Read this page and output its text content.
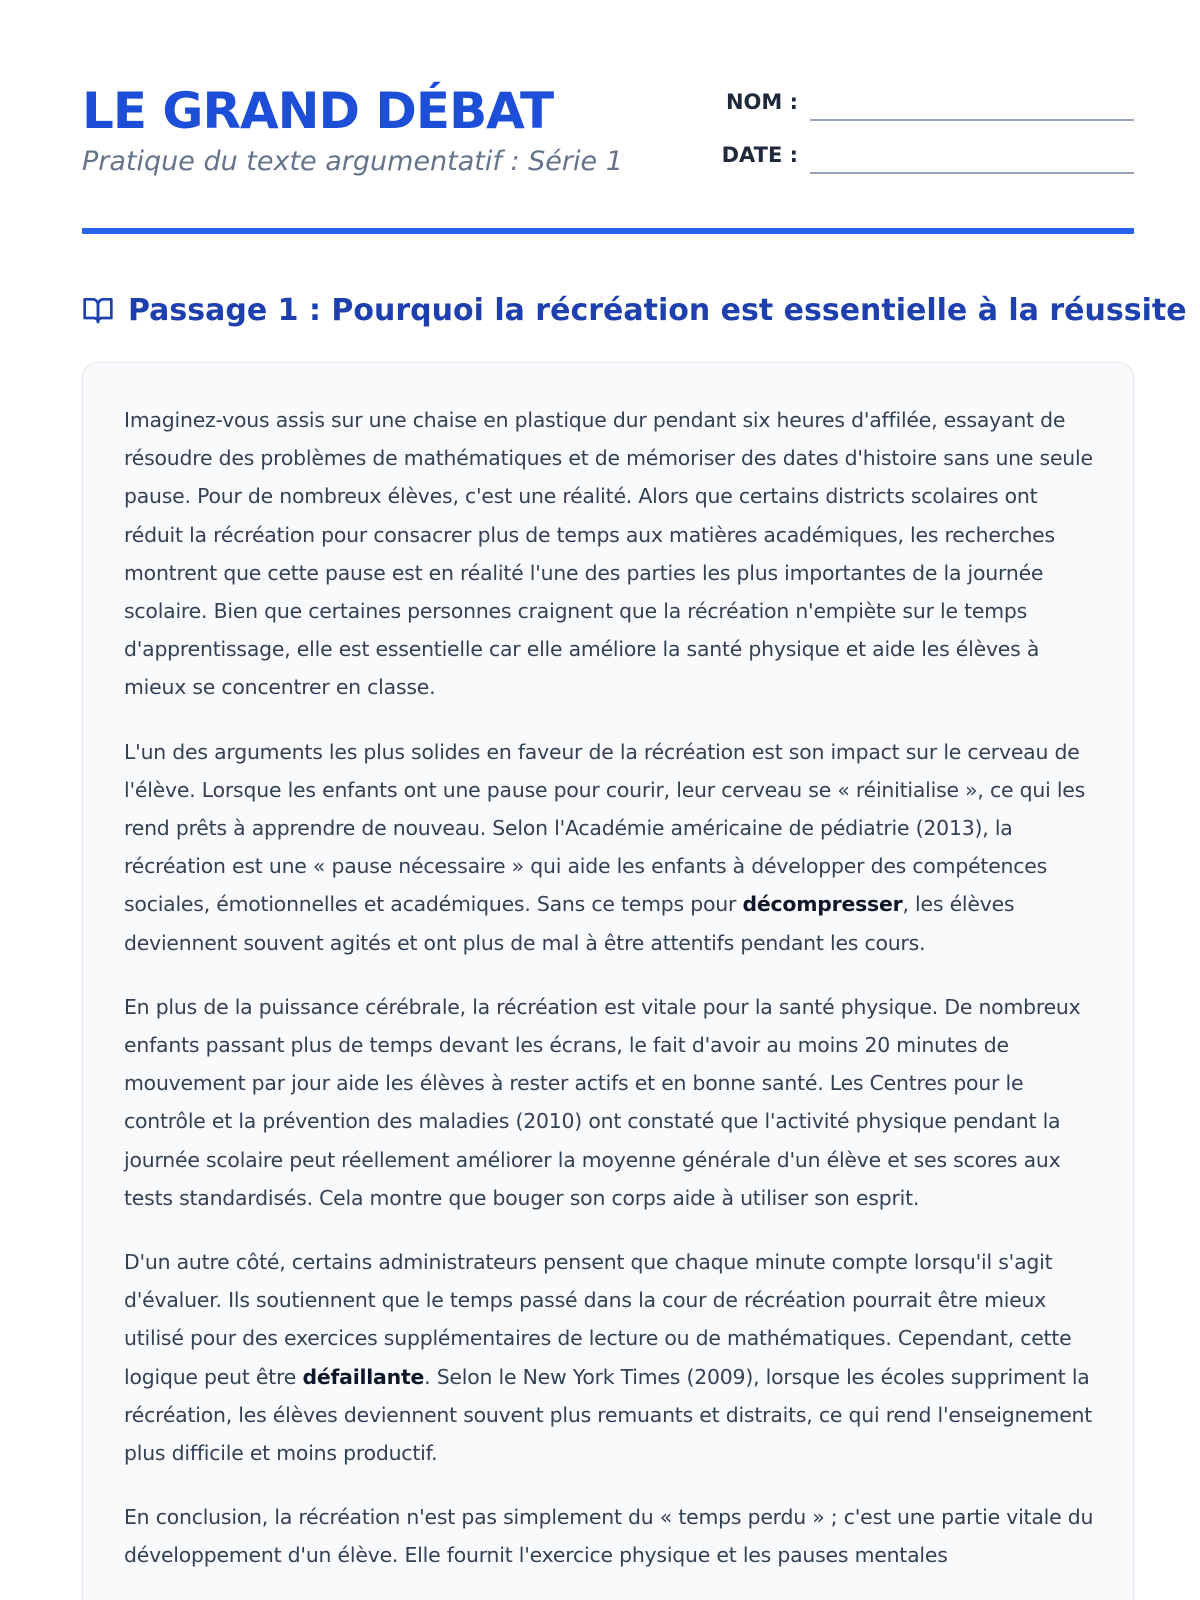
LE GRAND DÉBAT
Pratique du texte argumentatif : Série 1
NOM :
DATE :
Passage 1 : Pourquoi la récréation est essentielle à la réussite

Imaginez-vous assis sur une chaise en plastique dur pendant six heures d'affilée, essayant de résoudre des problèmes de mathématiques et de mémoriser des dates d'histoire sans une seule pause. Pour de nombreux élèves, c'est une réalité. Alors que certains districts scolaires ont réduit la récréation pour consacrer plus de temps aux matières académiques, les recherches montrent que cette pause est en réalité l'une des parties les plus importantes de la journée scolaire. Bien que certaines personnes craignent que la récréation n'empiète sur le temps d'apprentissage, elle est essentielle car elle améliore la santé physique et aide les élèves à mieux se concentrer en classe.

L'un des arguments les plus solides en faveur de la récréation est son impact sur le cerveau de l'élève. Lorsque les enfants ont une pause pour courir, leur cerveau se « réinitialise », ce qui les rend prêts à apprendre de nouveau. Selon l'Académie américaine de pédiatrie (2013), la récréation est une « pause nécessaire » qui aide les enfants à développer des compétences sociales, émotionnelles et académiques. Sans ce temps pour décompresser, les élèves deviennent souvent agités et ont plus de mal à être attentifs pendant les cours.

En plus de la puissance cérébrale, la récréation est vitale pour la santé physique. De nombreux enfants passant plus de temps devant les écrans, le fait d'avoir au moins 20 minutes de mouvement par jour aide les élèves à rester actifs et en bonne santé. Les Centres pour le contrôle et la prévention des maladies (2010) ont constaté que l'activité physique pendant la journée scolaire peut réellement améliorer la moyenne générale d'un élève et ses scores aux tests standardisés. Cela montre que bouger son corps aide à utiliser son esprit.

D'un autre côté, certains administrateurs pensent que chaque minute compte lorsqu'il s'agit d'évaluer. Ils soutiennent que le temps passé dans la cour de récréation pourrait être mieux utilisé pour des exercices supplémentaires de lecture ou de mathématiques. Cependant, cette logique peut être défaillante. Selon le New York Times (2009), lorsque les écoles suppriment la récréation, les élèves deviennent souvent plus remuants et distraits, ce qui rend l'enseignement plus difficile et moins productif.

En conclusion, la récréation n'est pas simplement du « temps perdu » ; c'est une partie vitale du développement d'un élève. Elle fournit l'exercice physique et les pauses mentales
